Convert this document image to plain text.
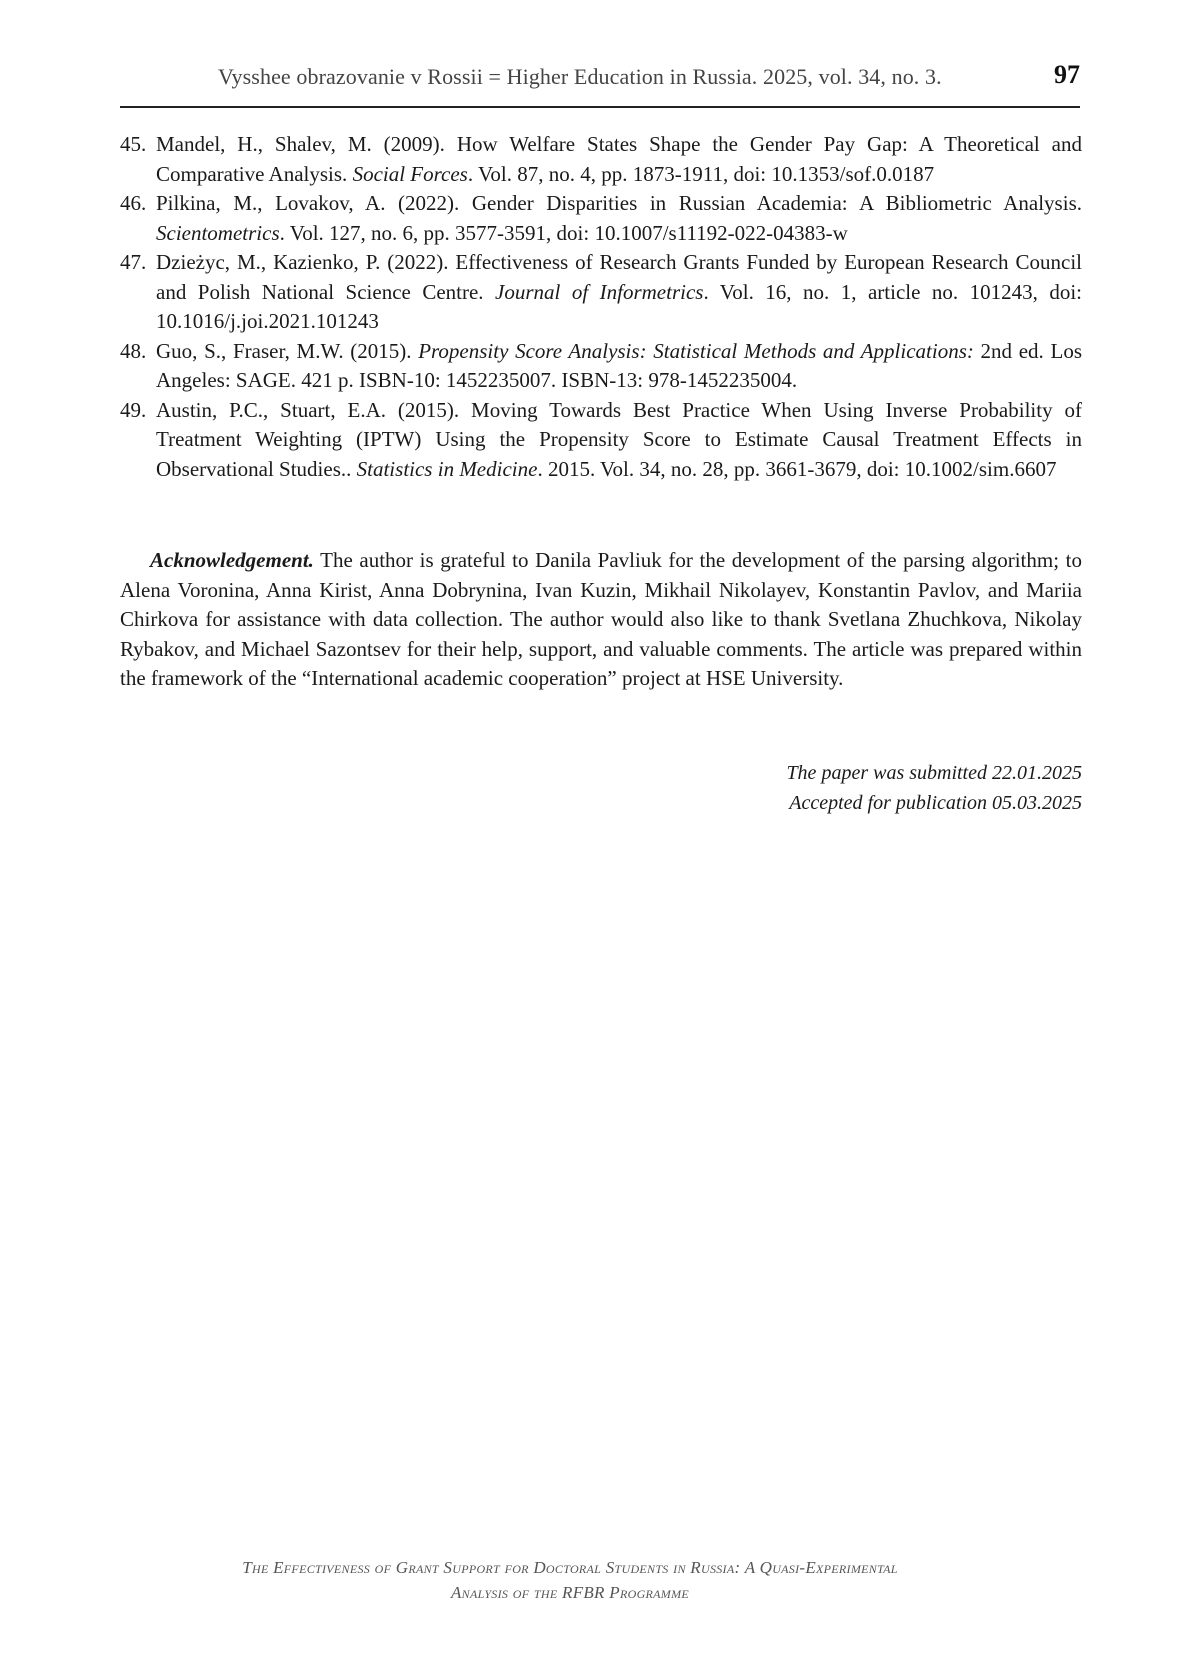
Vysshee obrazovanie v Rossii = Higher Education in Russia. 2025, vol. 34, no. 3.	97
45. Mandel, H., Shalev, M. (2009). How Welfare States Shape the Gender Pay Gap: A Theoretical and Comparative Analysis. Social Forces. Vol. 87, no. 4, pp. 1873-1911, doi: 10.1353/sof.0.0187
46. Pilkina, M., Lovakov, A. (2022). Gender Disparities in Russian Academia: A Bibliometric Analysis. Scientometrics. Vol. 127, no. 6, pp. 3577-3591, doi: 10.1007/s11192-022-04383-w
47. Dzieżyc, M., Kazienko, P. (2022). Effectiveness of Research Grants Funded by European Research Council and Polish National Science Centre. Journal of Informetrics. Vol. 16, no. 1, article no. 101243, doi: 10.1016/j.joi.2021.101243
48. Guo, S., Fraser, M.W. (2015). Propensity Score Analysis: Statistical Methods and Applications: 2nd ed. Los Angeles: SAGE. 421 p. ISBN-10: 1452235007. ISBN-13: 978-1452235004.
49. Austin, P.C., Stuart, E.A. (2015). Moving Towards Best Practice When Using Inverse Probability of Treatment Weighting (IPTW) Using the Propensity Score to Estimate Causal Treatment Effects in Observational Studies.. Statistics in Medicine. 2015. Vol. 34, no. 28, pp. 3661-3679, doi: 10.1002/sim.6607

Acknowledgement. The author is grateful to Danila Pavliuk for the development of the parsing algorithm; to Alena Voronina, Anna Kirist, Anna Dobrynina, Ivan Kuzin, Mikhail Nikolayev, Konstantin Pavlov, and Mariia Chirkova for assistance with data collection. The author would also like to thank Svetlana Zhuchkova, Nikolay Rybakov, and Michael Sazontsev for their help, support, and valuable comments. The article was prepared within the framework of the “International academic cooperation” project at HSE University.

The paper was submitted 22.01.2025
Accepted for publication 05.03.2025
The Effectiveness of Grant Support for Doctoral Students in Russia: A Quasi-Experimental
Analysis of the RFBR Programme
